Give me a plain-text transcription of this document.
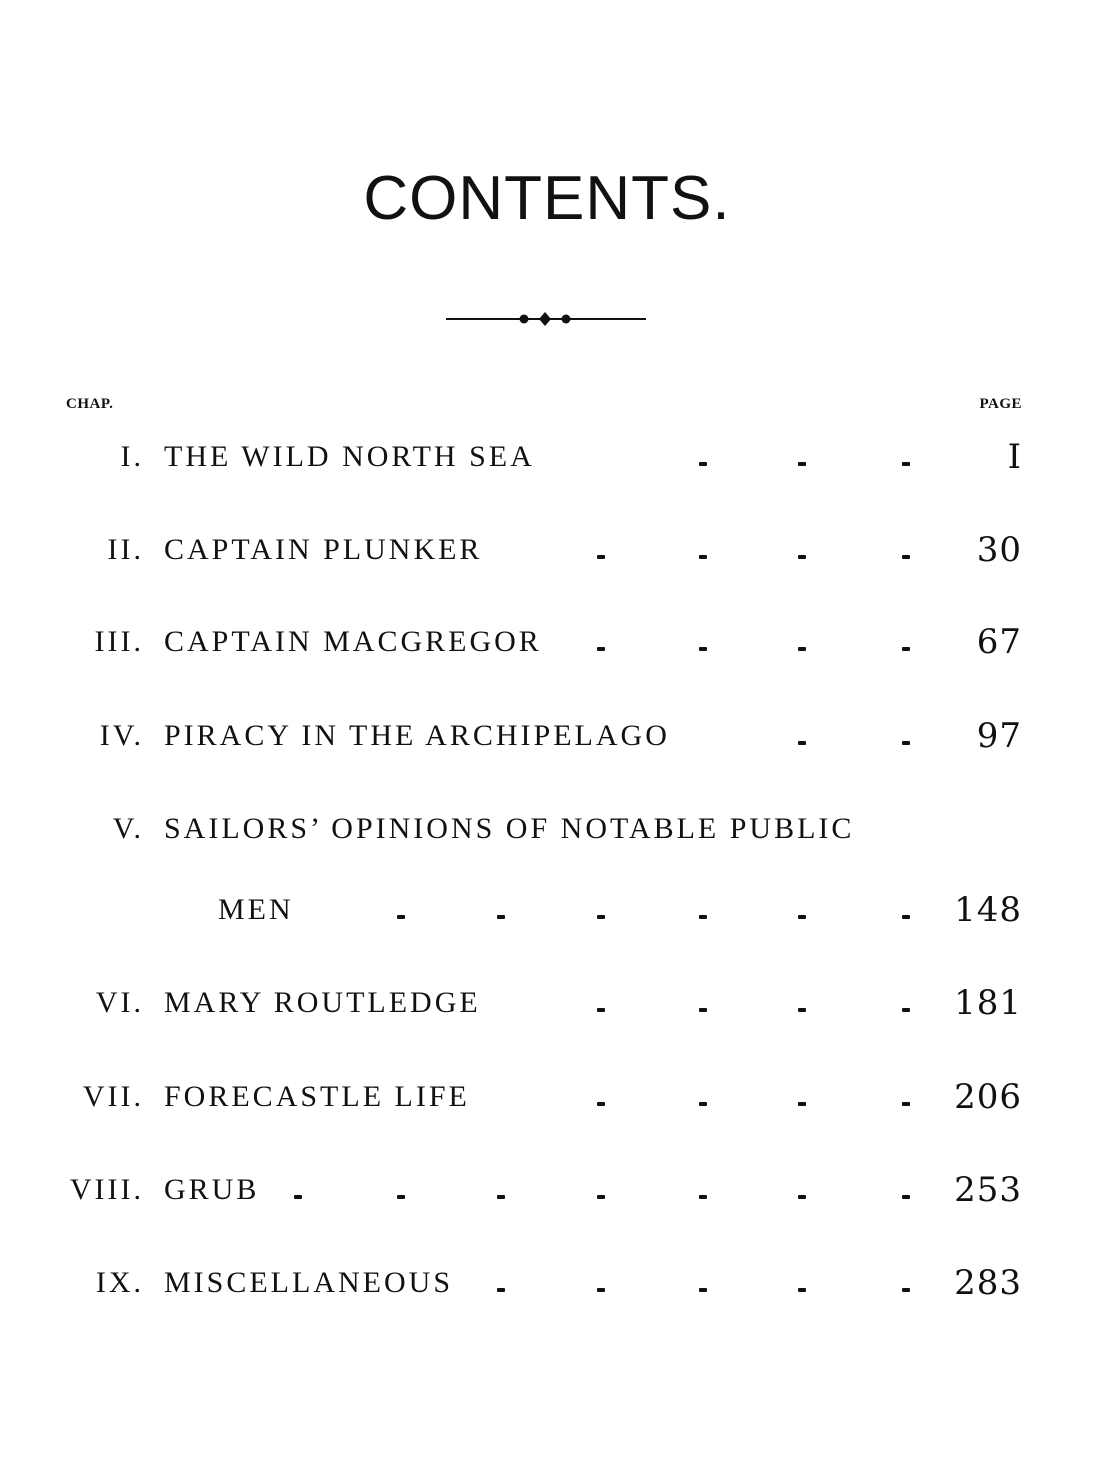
CONTENTS.
CHAP.	PAGE
I. THE WILD NORTH SEA	I
II. CAPTAIN PLUNKER	30
III. CAPTAIN MACGREGOR	67
IV. PIRACY IN THE ARCHIPELAGO	97
V. SAILORS’ OPINIONS OF NOTABLE PUBLIC
MEN	148
VI. MARY ROUTLEDGE	181
VII. FORECASTLE LIFE	206
VIII. GRUB	253
IX. MISCELLANEOUS	283
